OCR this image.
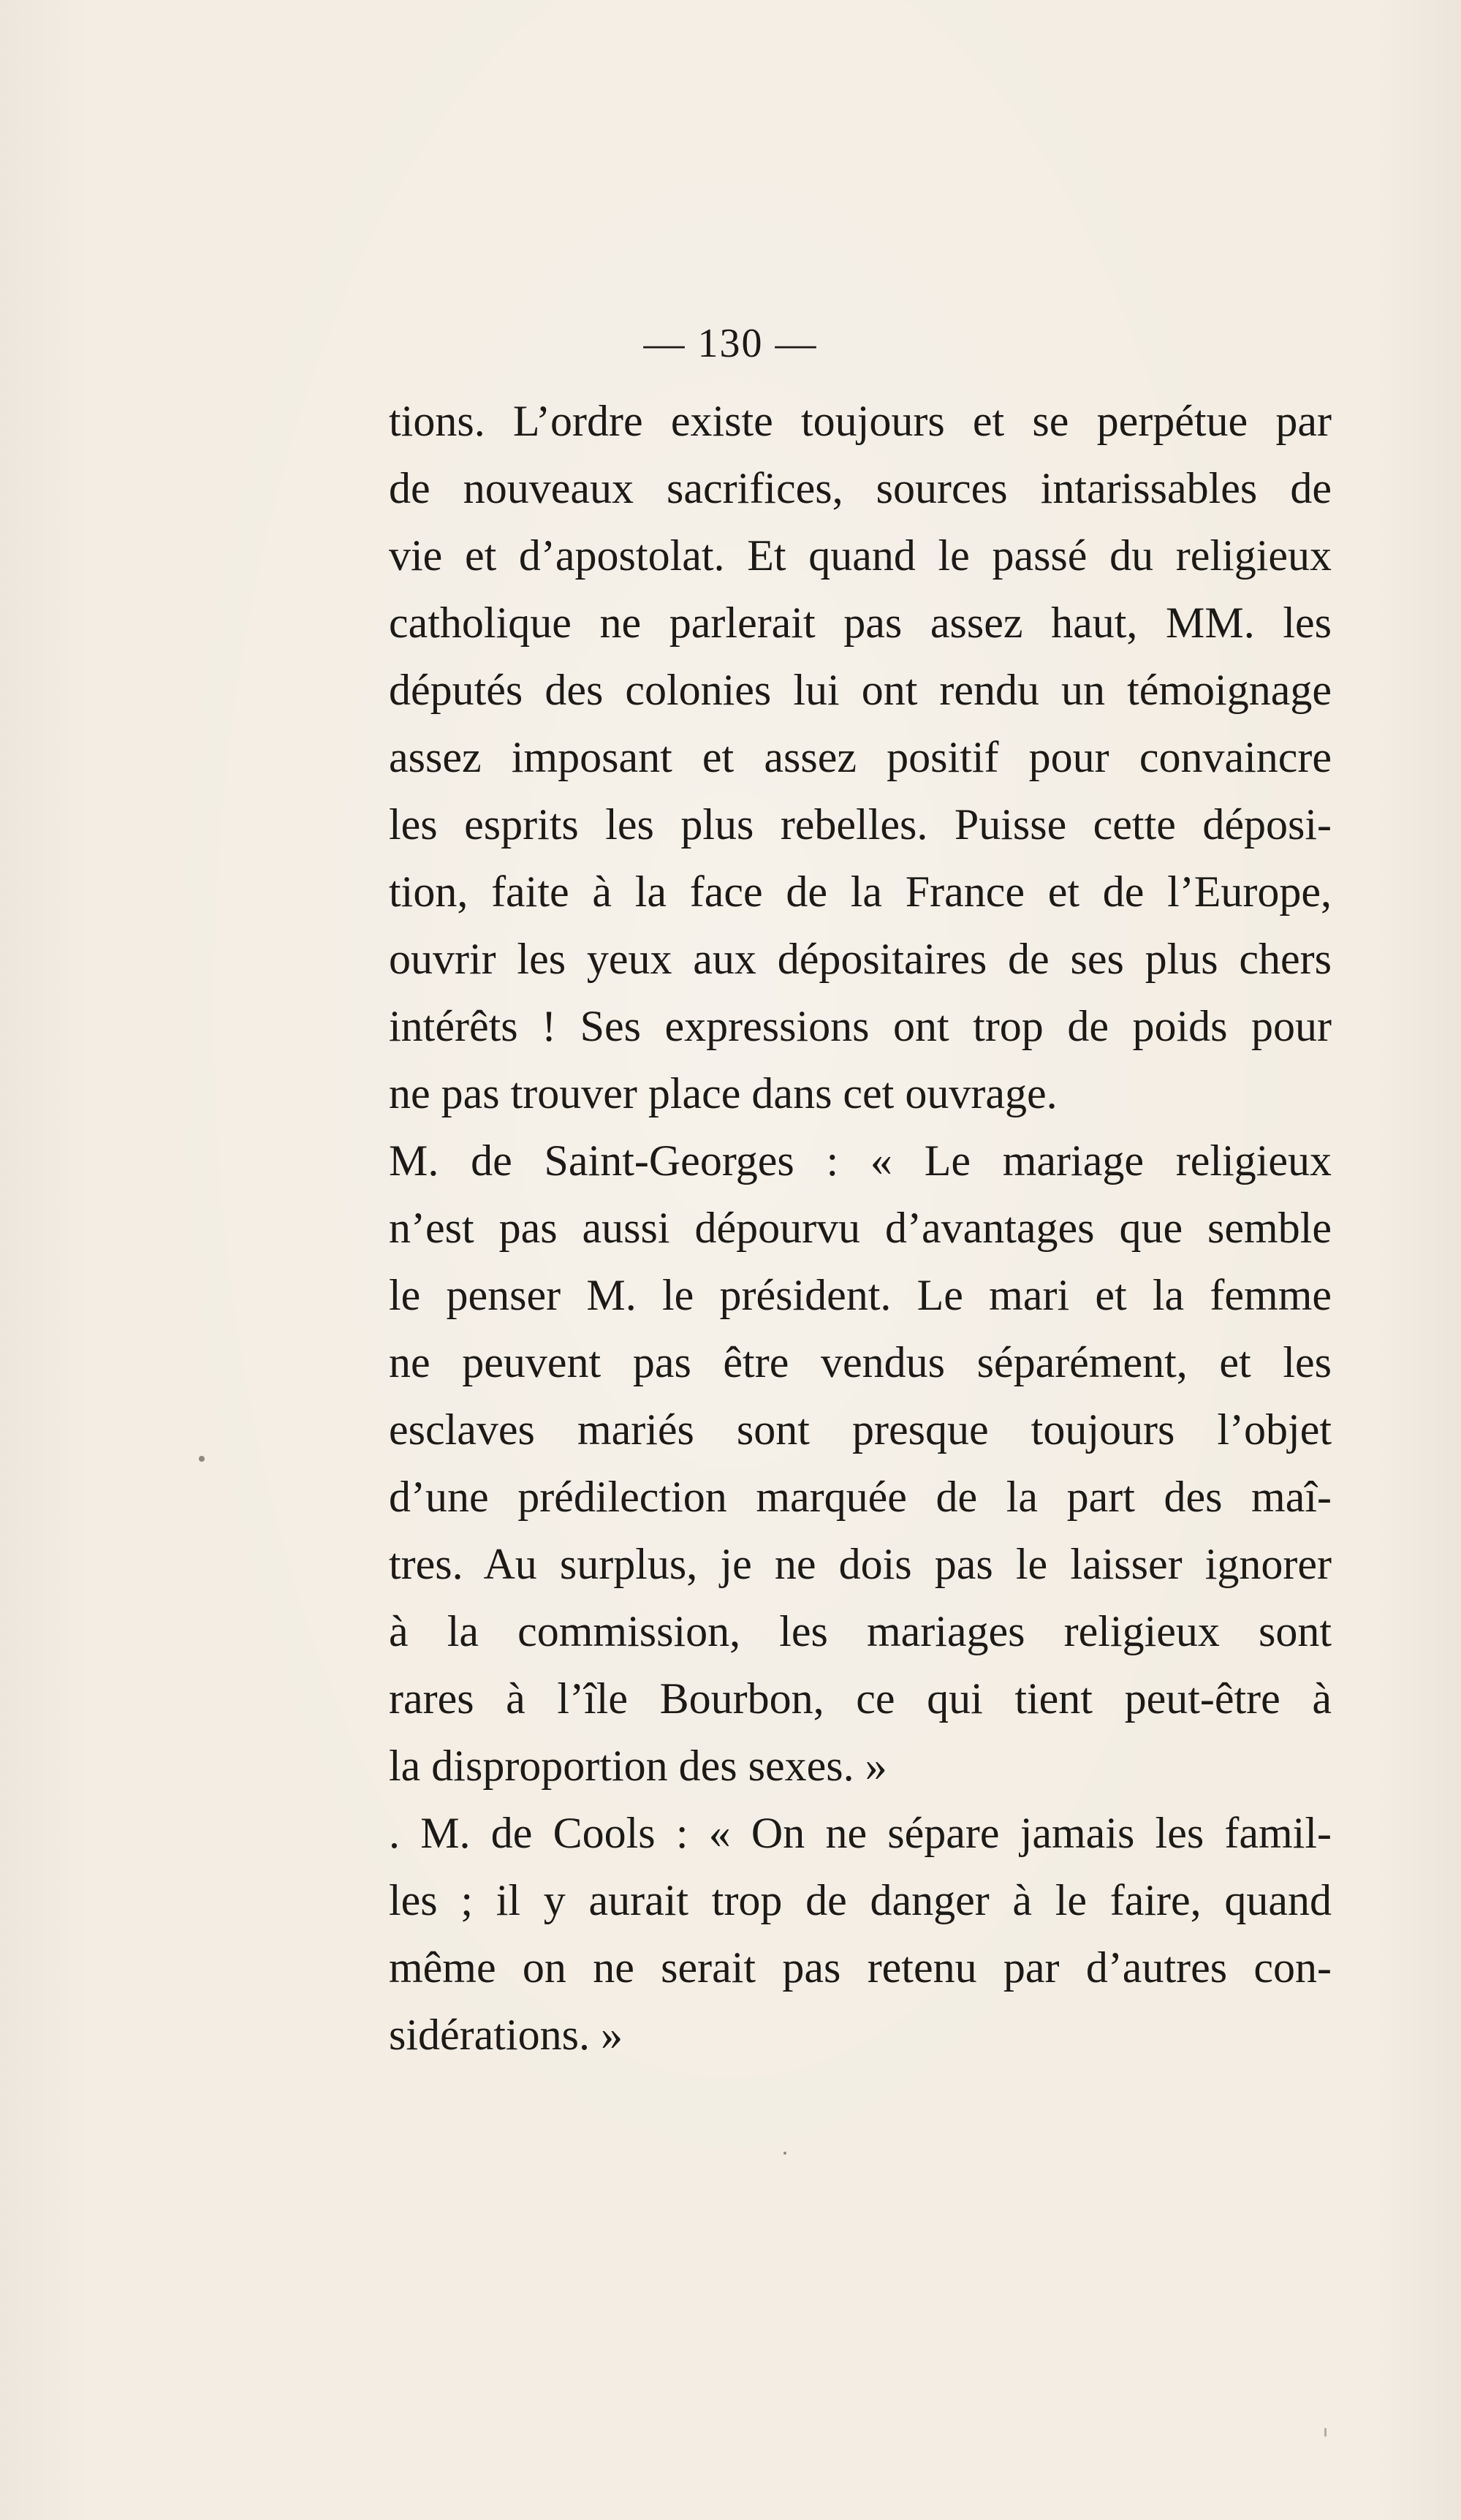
— 130 —
tions. L’ordre existe toujours et se perpétue par
de nouveaux sacrifices, sources intarissables de
vie et d’apostolat. Et quand le passé du religieux
catholique ne parlerait pas assez haut, MM. les
députés des colonies lui ont rendu un témoignage
assez imposant et assez positif pour convaincre
les esprits les plus rebelles. Puisse cette déposi-
tion, faite à la face de la France et de l’Europe,
ouvrir les yeux aux dépositaires de ses plus chers
intérêts ! Ses expressions ont trop de poids pour
ne pas trouver place dans cet ouvrage.
M. de Saint-Georges : « Le mariage religieux
n’est pas aussi dépourvu d’avantages que semble
le penser M. le président. Le mari et la femme
ne peuvent pas être vendus séparément, et les
esclaves mariés sont presque toujours l’objet
d’une prédilection marquée de la part des maî-
tres. Au surplus, je ne dois pas le laisser ignorer
à la commission, les mariages religieux sont
rares à l’île Bourbon, ce qui tient peut-être à
la disproportion des sexes. »
. M. de Cools : « On ne sépare jamais les famil-
les ; il y aurait trop de danger à le faire, quand
même on ne serait pas retenu par d’autres con-
sidérations. »
